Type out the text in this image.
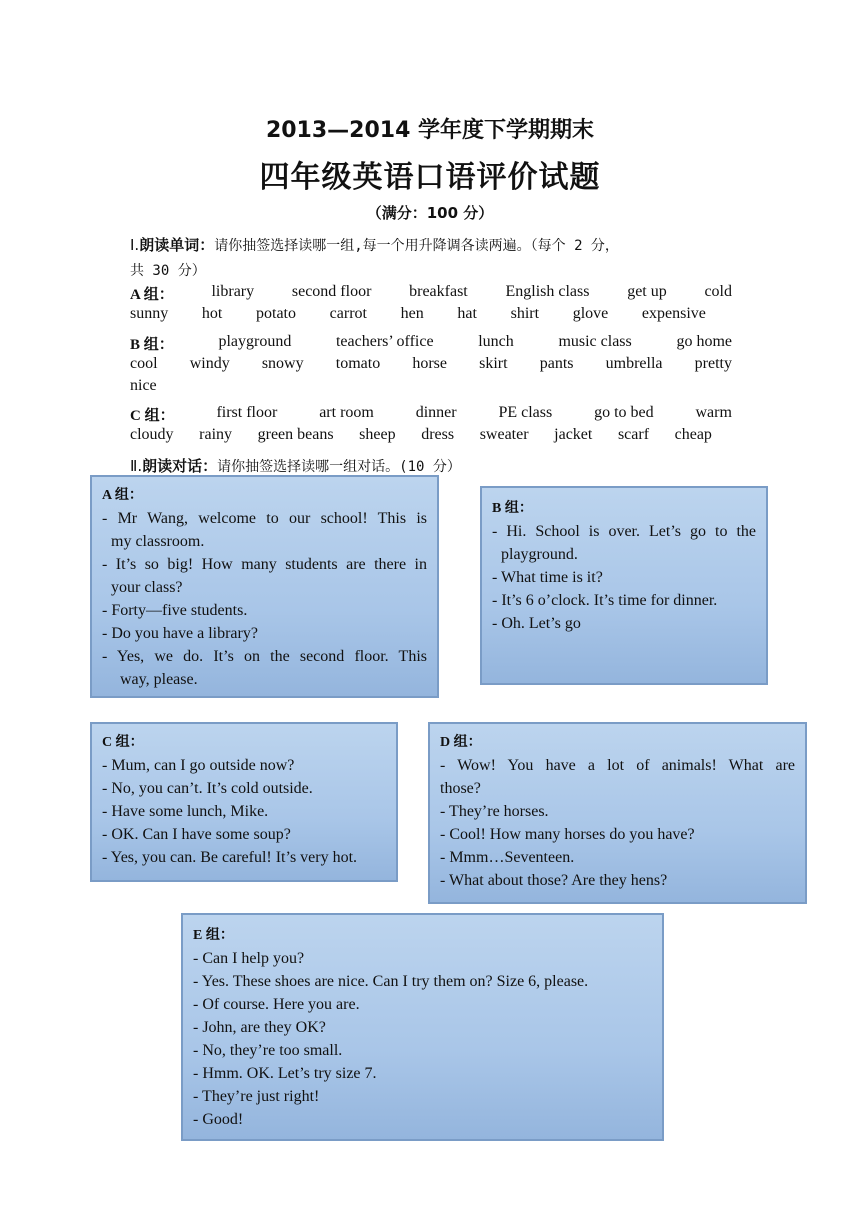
2013—2014 学年度下学期期末
四年级英语口语评价试题
（满分：100 分）
Ⅰ.朗读单词：请你抽签选择读哪一组,每一个用升降调各读两遍。（每个 2 分，
共 30 分）
A 组： library second floor breakfast English class get up cold
sunny hot potato carrot hen hat shirt glove expensive
B 组：	playground	teachers’ office	lunch	music class	go home
cool windy snowy tomato horse skirt pants umbrella pretty
nice
C 组：	first floor	art room	dinner	PE class	go to bed	warm
cloudy rainy green beans sheep dress sweater jacket scarf cheap
Ⅱ.朗读对话：请你抽签选择读哪一组对话。(10 分）
A 组：
- Mr Wang, welcome to our school! This is
my classroom.
- It’s so big! How many students are there in
your class?
- Forty—five students.
- Do you have a library?
- Yes, we do. It’s on the second floor. This
way, please.
B 组：
- Hi. School is over. Let’s go to the
playground.
- What time is it?
- It’s 6 o’clock. It’s time for dinner.
- Oh. Let’s go
C 组：
- Mum, can I go outside now?
- No, you can’t. It’s cold outside.
- Have some lunch, Mike.
- OK. Can I have some soup?
- Yes, you can. Be careful! It’s very hot.
D 组：
- Wow! You have a lot of animals! What are
those?
- They’re horses.
- Cool! How many horses do you have?
- Mmm…Seventeen.
- What about those? Are they hens?
E 组：
- Can I help you?
- Yes. These shoes are nice. Can I try them on? Size 6, please.
- Of course. Here you are.
- John, are they OK?
- No, they’re too small.
- Hmm. OK. Let’s try size 7.
- They’re just right!
- Good!
